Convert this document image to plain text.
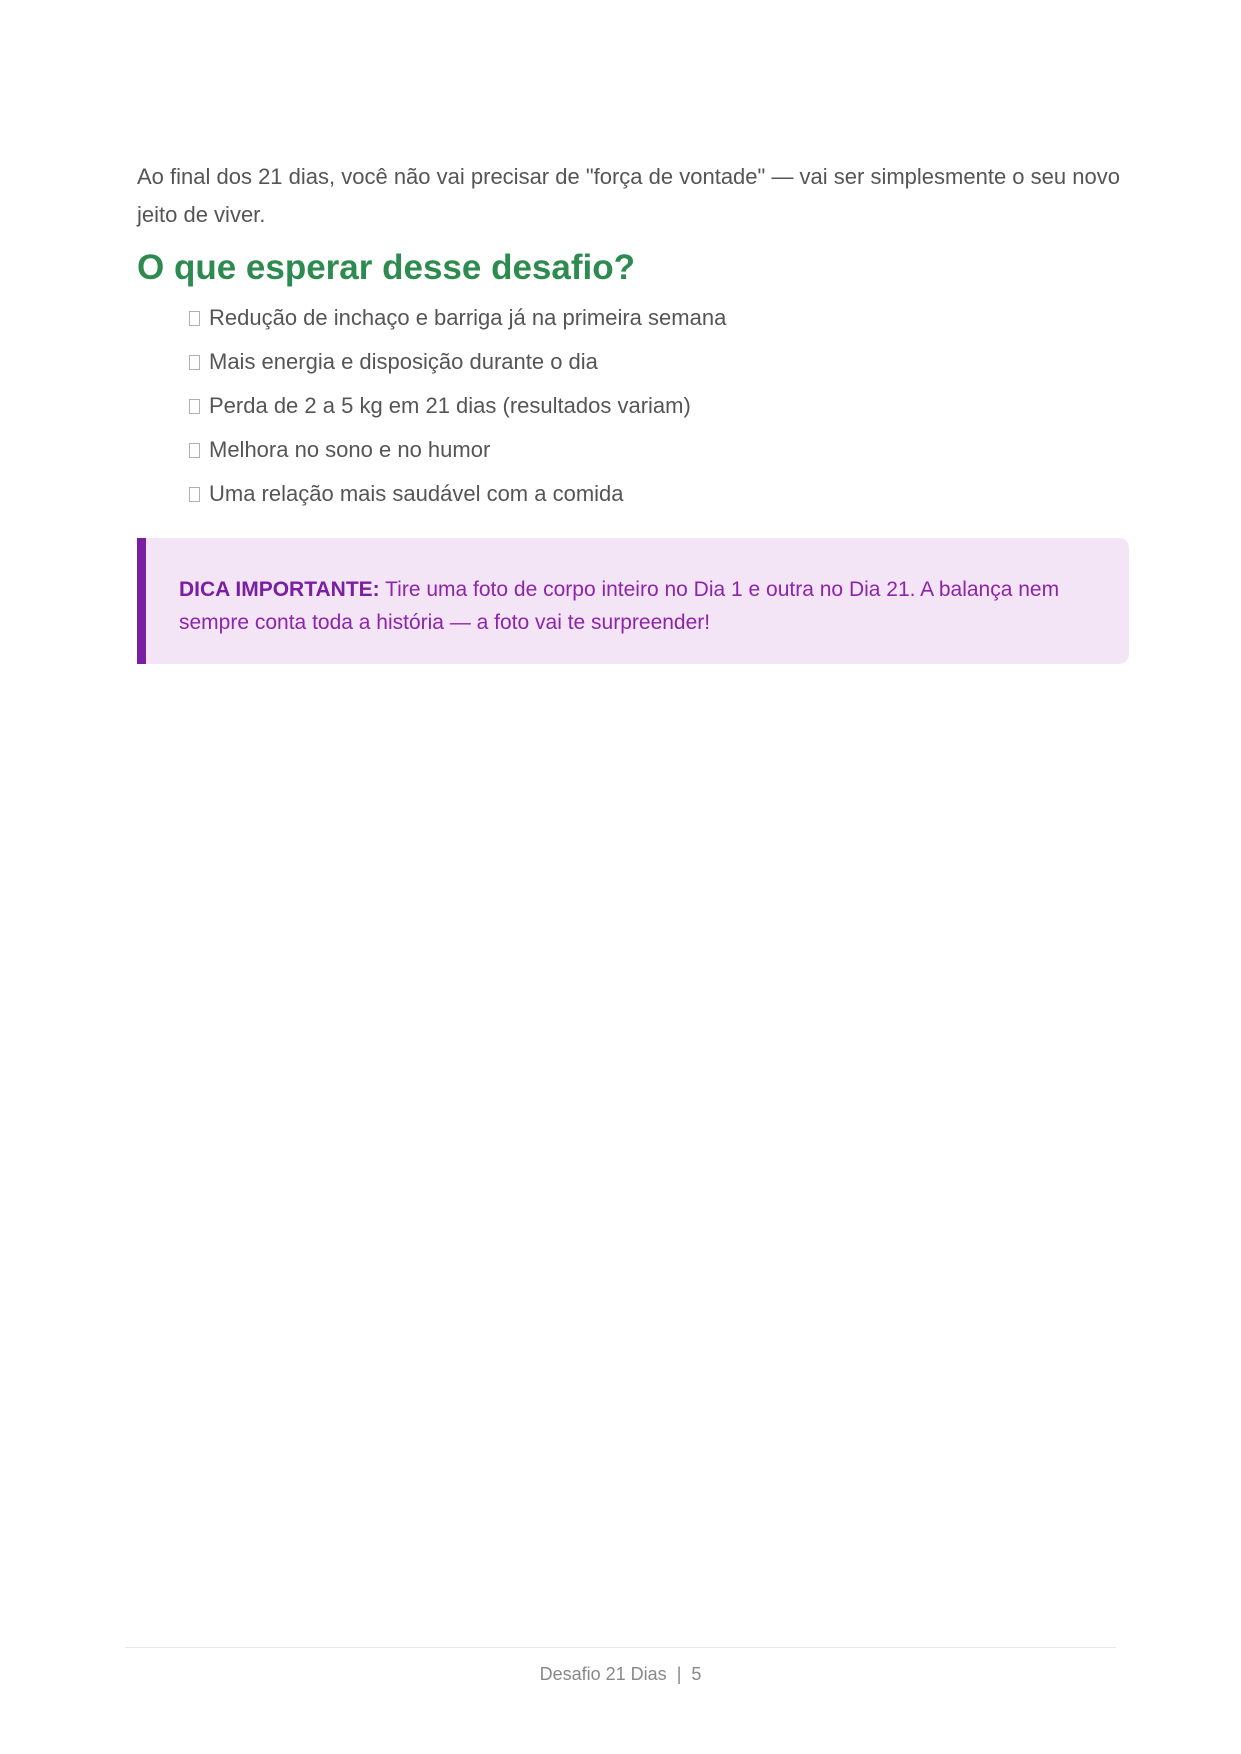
Ao final dos 21 dias, você não vai precisar de "força de vontade" — vai ser simplesmente o seu novo jeito de viver.

O que esperar desse desafio?
Redução de inchaço e barriga já na primeira semana
Mais energia e disposição durante o dia
Perda de 2 a 5 kg em 21 dias (resultados variam)
Melhora no sono e no humor
Uma relação mais saudável com a comida
DICA IMPORTANTE: Tire uma foto de corpo inteiro no Dia 1 e outra no Dia 21. A balança nem sempre conta toda a história — a foto vai te surpreender!
Desafio 21 Dias | 5
